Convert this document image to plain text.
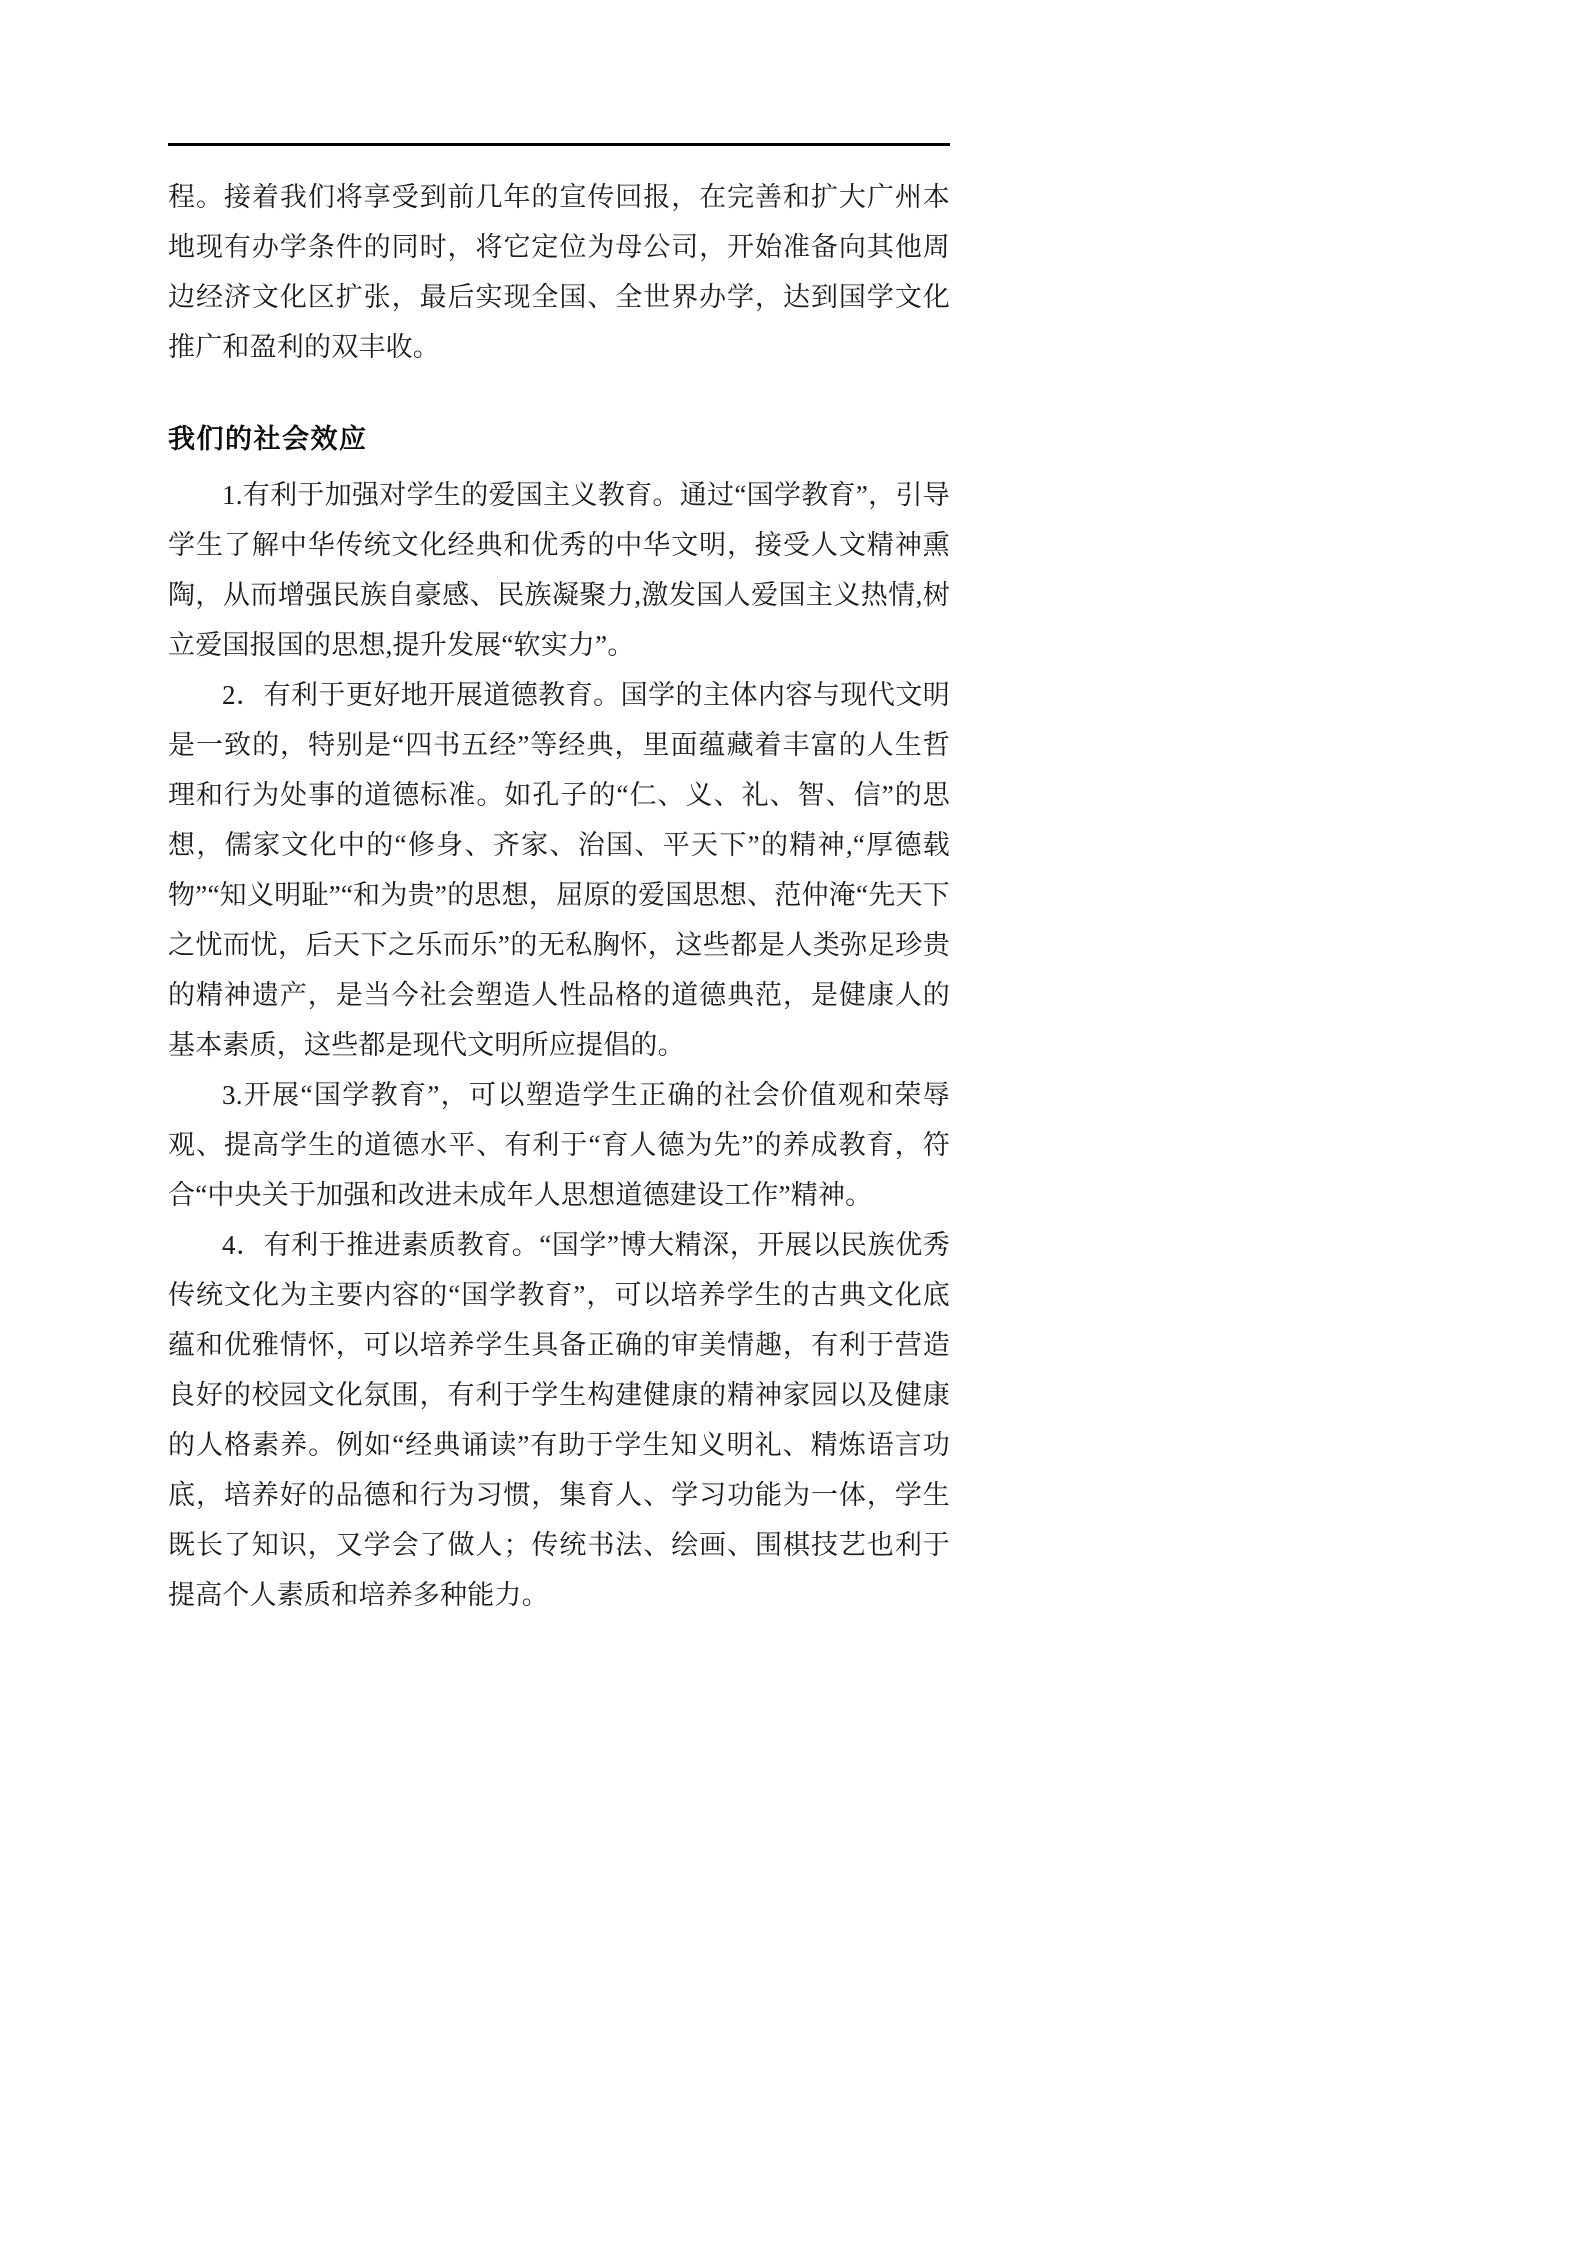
程。接着我们将享受到前几年的宣传回报，在完善和扩大广州本地现有办学条件的同时，将它定位为母公司，开始准备向其他周边经济文化区扩张，最后实现全国、全世界办学，达到国学文化推广和盈利的双丰收。

我们的社会效应

1.有利于加强对学生的爱国主义教育。通过“国学教育”，引导学生了解中华传统文化经典和优秀的中华文明，接受人文精神熏陶，从而增强民族自豪感、民族凝聚力,激发国人爱国主义热情,树立爱国报国的思想,提升发展“软实力”。

2．有利于更好地开展道德教育。国学的主体内容与现代文明是一致的，特别是“四书五经”等经典，里面蕴藏着丰富的人生哲理和行为处事的道德标准。如孔子的“仁、义、礼、智、信”的思想，儒家文化中的“修身、齐家、治国、平天下”的精神,“厚德载物”“知义明耻”“和为贵”的思想，屈原的爱国思想、范仲淹“先天下之忧而忧，后天下之乐而乐”的无私胸怀，这些都是人类弥足珍贵的精神遗产，是当今社会塑造人性品格的道德典范，是健康人的基本素质，这些都是现代文明所应提倡的。

3.开展“国学教育”，可以塑造学生正确的社会价值观和荣辱观、提高学生的道德水平、有利于“育人德为先”的养成教育，符合“中央关于加强和改进未成年人思想道德建设工作”精神。

4．有利于推进素质教育。“国学”博大精深，开展以民族优秀传统文化为主要内容的“国学教育”，可以培养学生的古典文化底蕴和优雅情怀，可以培养学生具备正确的审美情趣，有利于营造良好的校园文化氛围，有利于学生构建健康的精神家园以及健康的人格素养。例如“经典诵读”有助于学生知义明礼、精炼语言功底，培养好的品德和行为习惯，集育人、学习功能为一体，学生既长了知识，又学会了做人；传统书法、绘画、围棋技艺也利于提高个人素质和培养多种能力。
